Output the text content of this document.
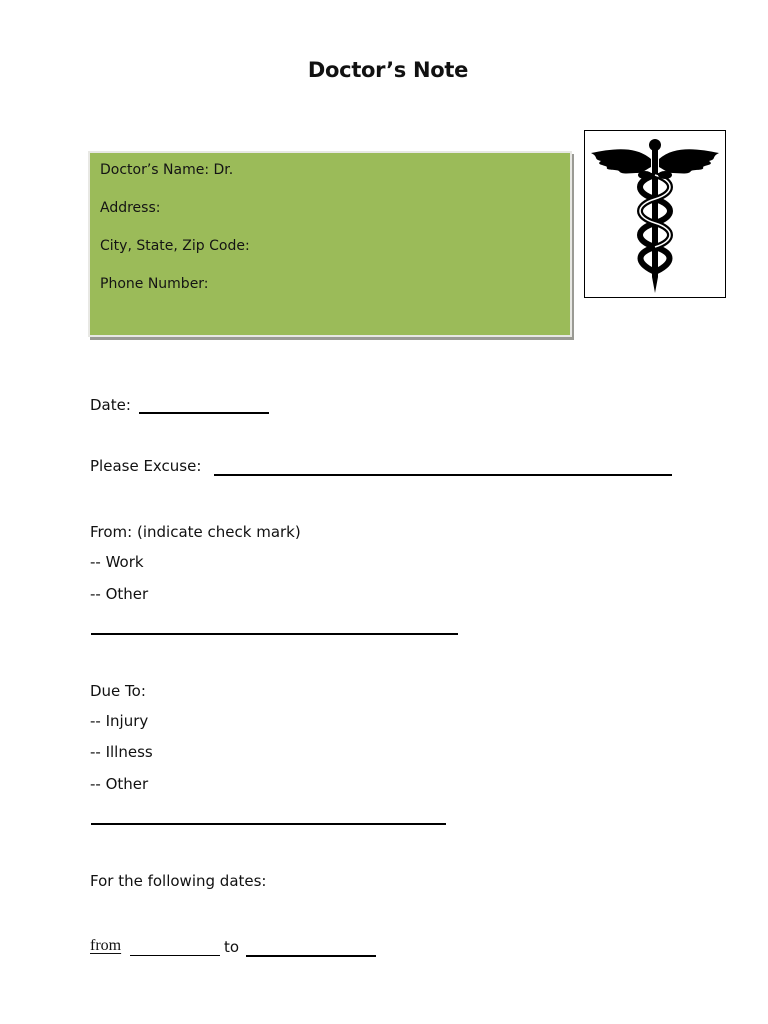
Doctor’s Note
Doctor’s Name: Dr.
Address:
City, State, Zip Code:
Phone Number:
Date:
Please Excuse:
From: (indicate check mark)
-- Work
-- Other
Due To:
-- Injury
-- Illness
-- Other
For the following dates:
from	to
